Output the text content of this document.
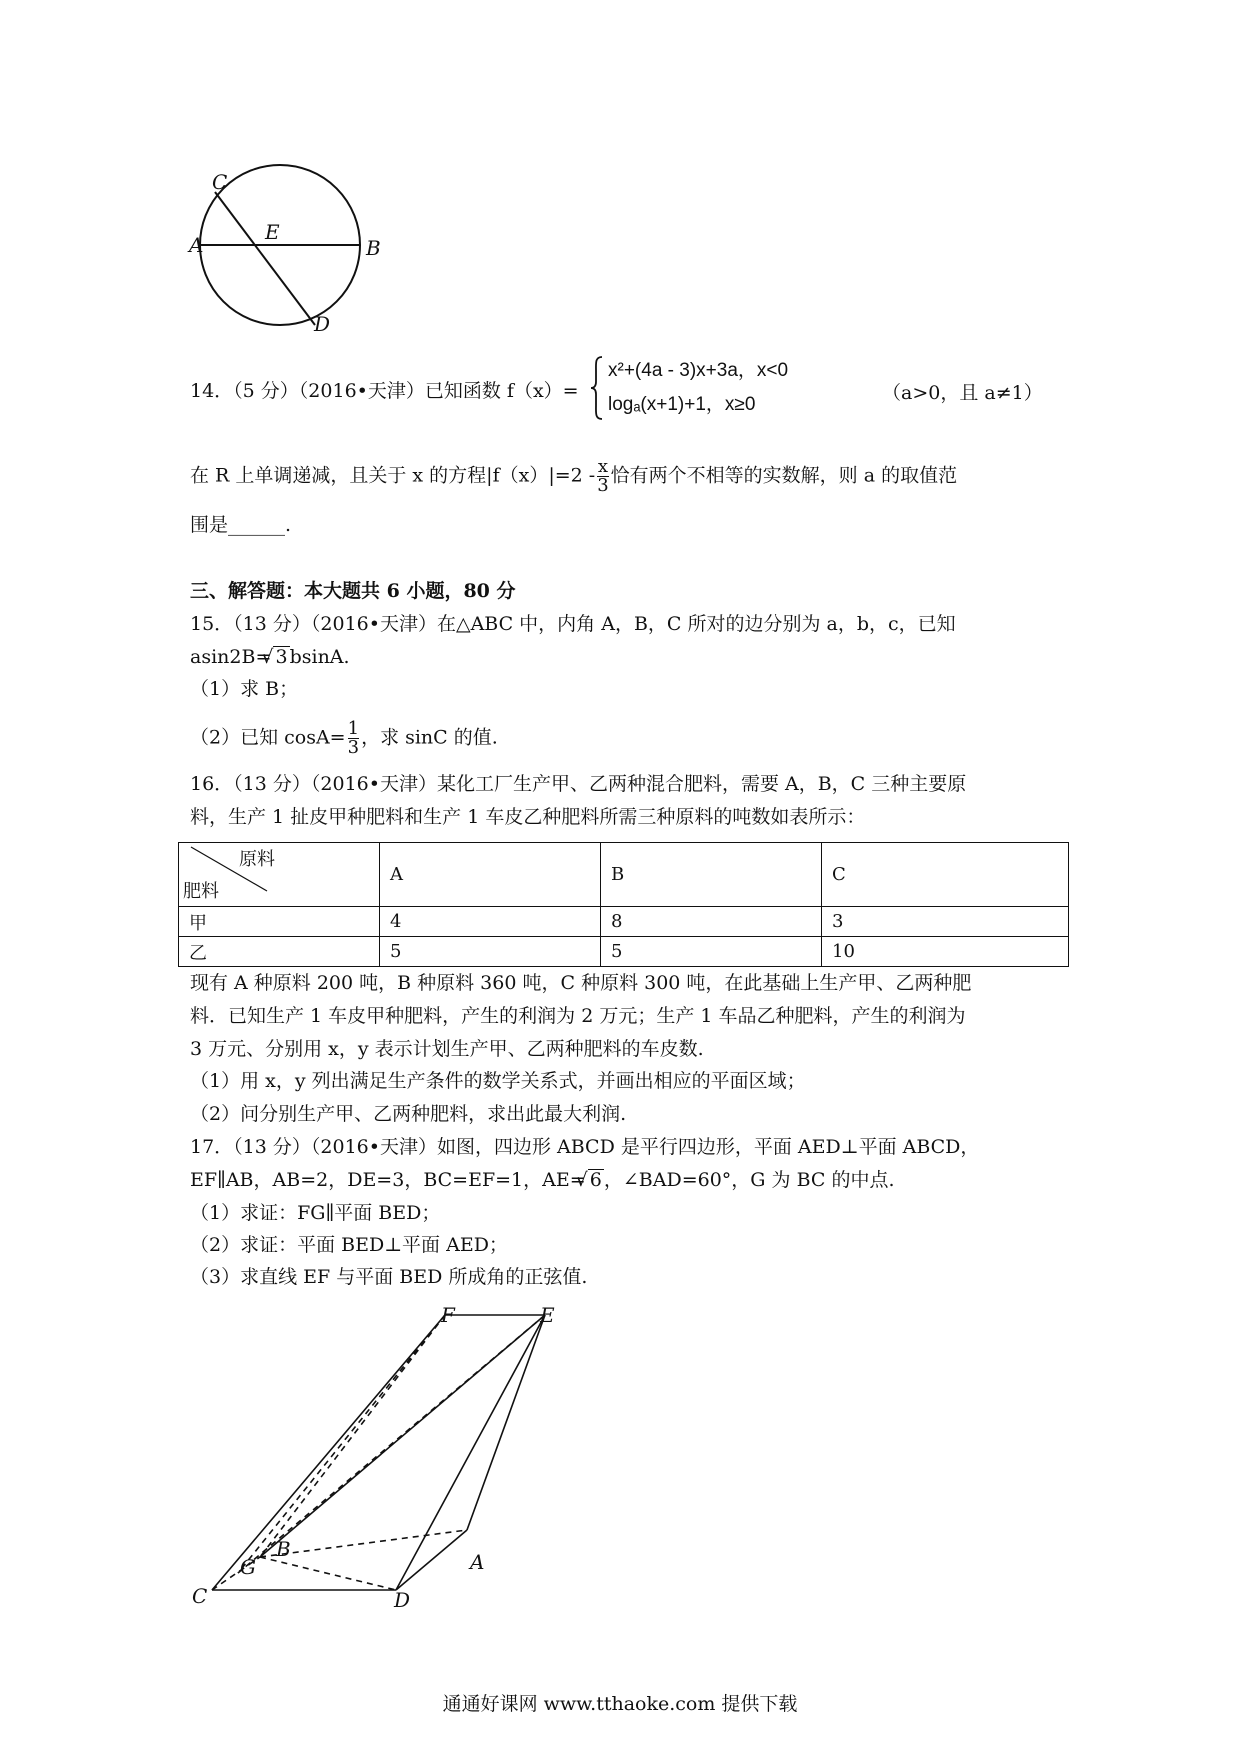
C
A
E
B
D
14．（5 分）（2016•天津）已知函数 f（x）=
x²+(4a - 3)x+3a，x<0
logₐ(x+1)+1，x≥0
（a>0，且 a≠1）
在 R 上单调递减，且关于 x 的方程$|f(x)|=2 - \frac{x}{3}$ 恰有两个不相等的实数解，则 a 的取值范
围是______.
三、解答题：本大题共 6 小题，80 分
15．（13 分）（2016•天津）在△ABC 中，内角 A，B，C 所对的边分别为 a，b，c，已知
asin2B= √ 3 bsinA.
（1）求 B；
（2）已知 $\cos A= \frac{1}{3}$ ，求 sinC 的值.
16．（13 分）（2016•天津）某化工厂生产甲、乙两种混合肥料，需要 A，B，C 三种主要原
料，生产 1 扯皮甲种肥料和生产 1 车皮乙种肥料所需三种原料的吨数如表所示：
原料
肥料	A	B	C
甲	4	8	3
乙	5	5	10
现有 A 种原料 200 吨，B 种原料 360 吨，C 种原料 300 吨，在此基础上生产甲、乙两种肥
料．已知生产 1 车皮甲种肥料，产生的利润为 2 万元；生产 1 车品乙种肥料，产生的利润为
3 万元、分别用 x，y 表示计划生产甲、乙两种肥料的车皮数.
（1）用 x，y 列出满足生产条件的数学关系式，并画出相应的平面区域；
（2）问分别生产甲、乙两种肥料，求出此最大利润.
17．（13 分）（2016•天津）如图，四边形 ABCD 是平行四边形，平面 AED⊥平面 ABCD，
EF∥AB，AB=2，DE=3，BC=EF=1，AE= √ 6 ，∠BAD=60°，G 为 BC 的中点.
（1）求证：FG∥平面 BED；
（2）求证：平面 BED⊥平面 AED；
（3）求直线 EF 与平面 BED 所成角的正弦值.
F	E
G
B
A
C	D
通通好课网 www.tthaoke.com 提供下载
